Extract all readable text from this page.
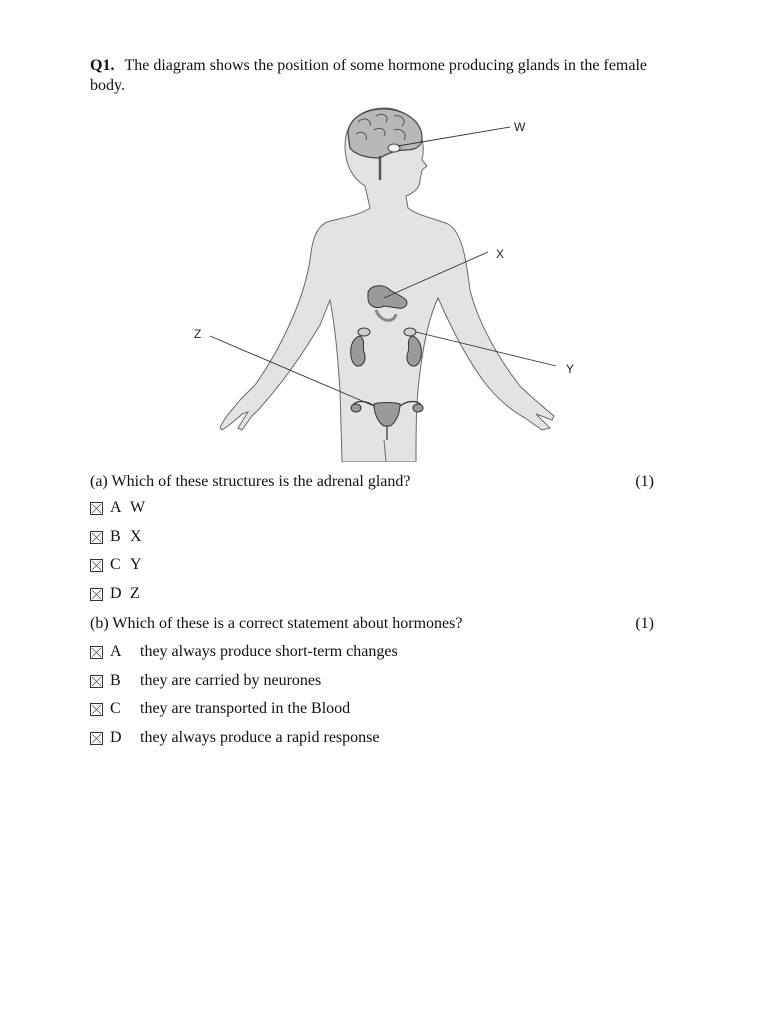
Q1. The diagram shows the position of some hormone producing glands in the female body.
W
X
Y
Z
(a) Which of these structures is the adrenal gland?	(1)
A W
B X
C Y
D Z
(b) Which of these is a correct statement about hormones?	(1)
A	they always produce short-term changes
B	they are carried by neurones
C	they are transported in the Blood
D	they always produce a rapid response
